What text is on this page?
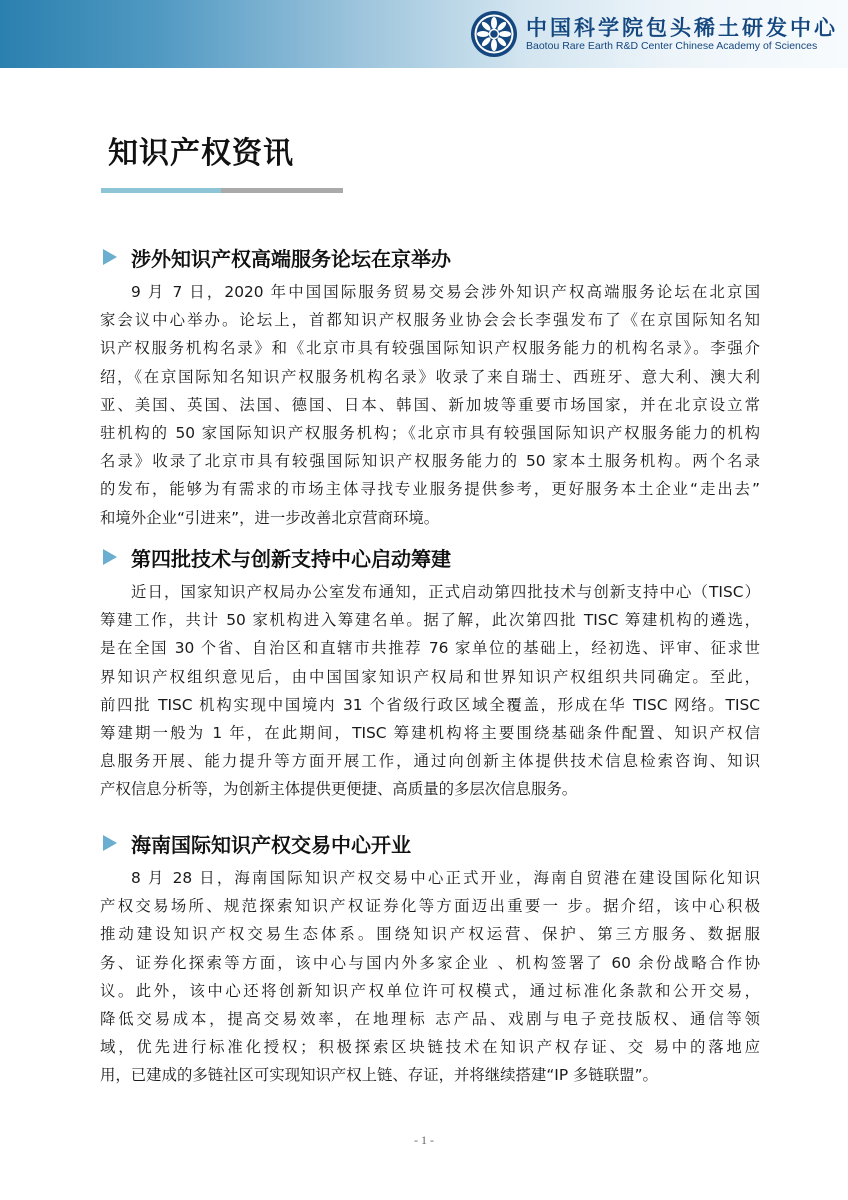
中国科学院包头稀土研发中心
Baotou Rare Earth R&D Center Chinese Academy of Sciences
知识产权资讯
涉外知识产权高端服务论坛在京举办
9 月 7 日，2020 年中国国际服务贸易交易会涉外知识产权高端服务论坛在北京国
家会议中心举办。论坛上，首都知识产权服务业协会会长李强发布了《在京国际知名知
识产权服务机构名录》和《北京市具有较强国际知识产权服务能力的机构名录》。李强介
绍，《在京国际知名知识产权服务机构名录》收录了来自瑞士、西班牙、意大利、澳大利
亚、美国、英国、法国、德国、日本、韩国、新加坡等重要市场国家，并在北京设立常
驻机构的 50 家国际知识产权服务机构；《北京市具有较强国际知识产权服务能力的机构
名录》收录了北京市具有较强国际知识产权服务能力的 50 家本土服务机构。两个名录
的发布，能够为有需求的市场主体寻找专业服务提供参考，更好服务本土企业“走出去”
和境外企业“引进来”，进一步改善北京营商环境。
第四批技术与创新支持中心启动筹建
近日，国家知识产权局办公室发布通知，正式启动第四批技术与创新支持中心（TISC）
筹建工作，共计 50 家机构进入筹建名单。据了解，此次第四批 TISC 筹建机构的遴选，
是在全国 30 个省、自治区和直辖市共推荐 76 家单位的基础上，经初选、评审、征求世
界知识产权组织意见后，由中国国家知识产权局和世界知识产权组织共同确定。至此，
前四批 TISC 机构实现中国境内 31 个省级行政区域全覆盖，形成在华 TISC 网络。TISC
筹建期一般为 1 年，在此期间，TISC 筹建机构将主要围绕基础条件配置、知识产权信
息服务开展、能力提升等方面开展工作，通过向创新主体提供技术信息检索咨询、知识
产权信息分析等，为创新主体提供更便捷、高质量的多层次信息服务。
海南国际知识产权交易中心开业
8 月 28 日，海南国际知识产权交易中心正式开业，海南自贸港在建设国际化知识
产权交易场所、规范探索知识产权证券化等方面迈出重要一 步。据介绍，该中心积极
推动建设知识产权交易生态体系。围绕知识产权运营、保护、第三方服务、数据服
务、证券化探索等方面，该中心与国内外多家企业 、机构签署了 60 余份战略合作协
议。此外，该中心还将创新知识产权单位许可权模式，通过标准化条款和公开交易，
降低交易成本，提高交易效率，在地理标 志产品、戏剧与电子竞技版权、通信等领
域，优先进行标准化授权；积极探索区块链技术在知识产权存证、交 易中的落地应
用，已建成的多链社区可实现知识产权上链、存证，并将继续搭建“IP 多链联盟”。
- 1 -
